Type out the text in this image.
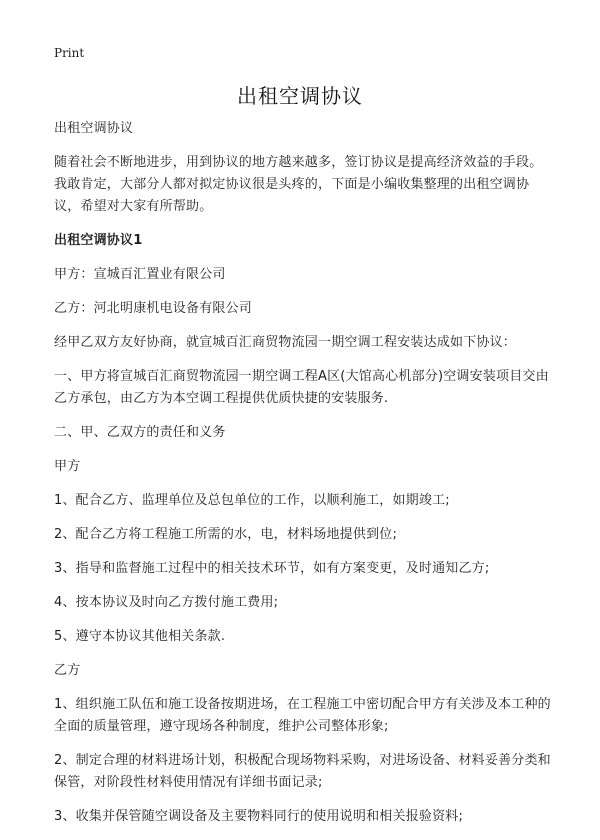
Print
出租空调协议

出租空调协议

随着社会不断地进步，用到协议的地方越来越多，签订协议是提高经济效益的手段。我敢肯定，大部分人都对拟定协议很是头疼的，下面是小编收集整理的出租空调协议，希望对大家有所帮助。

出租空调协议1

甲方：宣城百汇置业有限公司

乙方：河北明康机电设备有限公司

经甲乙双方友好协商，就宣城百汇商贸物流园一期空调工程安装达成如下协议：

一、甲方将宣城百汇商贸物流园一期空调工程A区(大馆高心机部分)空调安装项目交由乙方承包，由乙方为本空调工程提供优质快捷的安装服务.

二、甲、乙双方的责任和义务

甲方

1、配合乙方、监理单位及总包单位的工作，以顺利施工，如期竣工;

2、配合乙方将工程施工所需的水，电，材料场地提供到位;

3、指导和监督施工过程中的相关技术环节，如有方案变更，及时通知乙方;

4、按本协议及时向乙方拨付施工费用;

5、遵守本协议其他相关条款.

乙方

1、组织施工队伍和施工设备按期进场，在工程施工中密切配合甲方有关涉及本工种的全面的质量管理，遵守现场各种制度，维护公司整体形象;

2、制定合理的材料进场计划，积极配合现场物料采购，对进场设备、材料妥善分类和保管，对阶段性材料使用情况有详细书面记录;

3、收集并保管随空调设备及主要物料同行的使用说明和相关报验资料;
